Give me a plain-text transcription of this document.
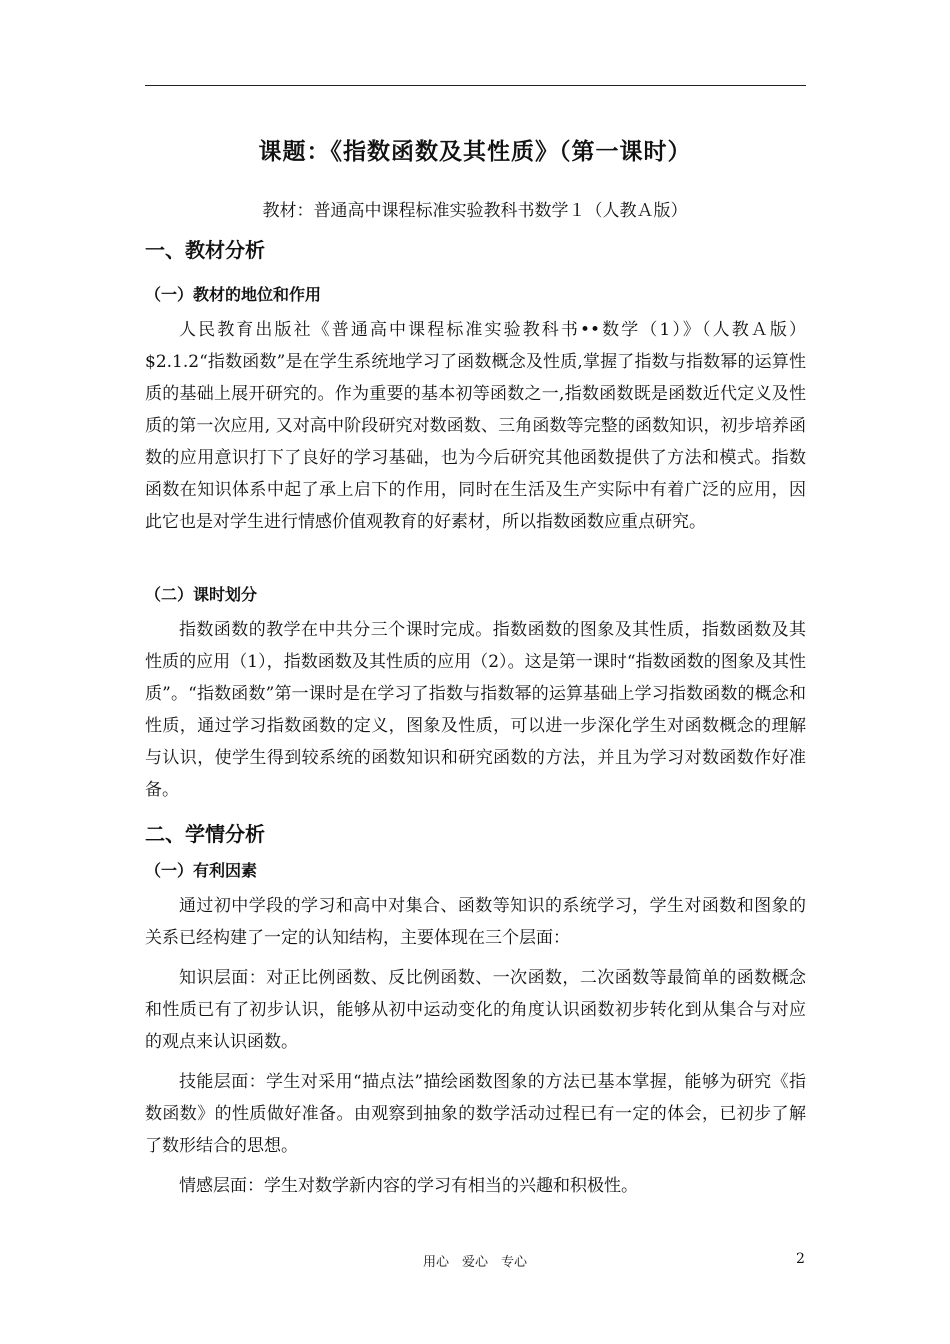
课题：《指数函数及其性质》（第一课时）
教材：普通高中课程标准实验教科书数学１（人教Ａ版）
一、教材分析
（一）教材的地位和作用

人民教育出版社《普通高中课程标准实验教科书••数学（1）》（人教Ａ版）$2.1.2“指数函数”是在学生系统地学习了函数概念及性质,掌握了指数与指数幂的运算性质的基础上展开研究的。作为重要的基本初等函数之一,指数函数既是函数近代定义及性质的第一次应用, 又对高中阶段研究对数函数、三角函数等完整的函数知识，初步培养函数的应用意识打下了良好的学习基础，也为今后研究其他函数提供了方法和模式。指数函数在知识体系中起了承上启下的作用，同时在生活及生产实际中有着广泛的应用，因此它也是对学生进行情感价值观教育的好素材，所以指数函数应重点研究。

（二）课时划分

指数函数的教学在中共分三个课时完成。指数函数的图象及其性质，指数函数及其性质的应用（1），指数函数及其性质的应用（2）。这是第一课时“指数函数的图象及其性质”。“指数函数”第一课时是在学习了指数与指数幂的运算基础上学习指数函数的概念和性质，通过学习指数函数的定义，图象及性质，可以进一步深化学生对函数概念的理解与认识，使学生得到较系统的函数知识和研究函数的方法，并且为学习对数函数作好准备。

二、学情分析
（一）有利因素

通过初中学段的学习和高中对集合、函数等知识的系统学习，学生对函数和图象的关系已经构建了一定的认知结构，主要体现在三个层面：

知识层面：对正比例函数、反比例函数、一次函数，二次函数等最简单的函数概念和性质已有了初步认识，能够从初中运动变化的角度认识函数初步转化到从集合与对应的观点来认识函数。

技能层面：学生对采用“描点法”描绘函数图象的方法已基本掌握，能够为研究《指数函数》的性质做好准备。由观察到抽象的数学活动过程已有一定的体会，已初步了解了数形结合的思想。

情感层面：学生对数学新内容的学习有相当的兴趣和积极性。

用心　爱心　专心	2
